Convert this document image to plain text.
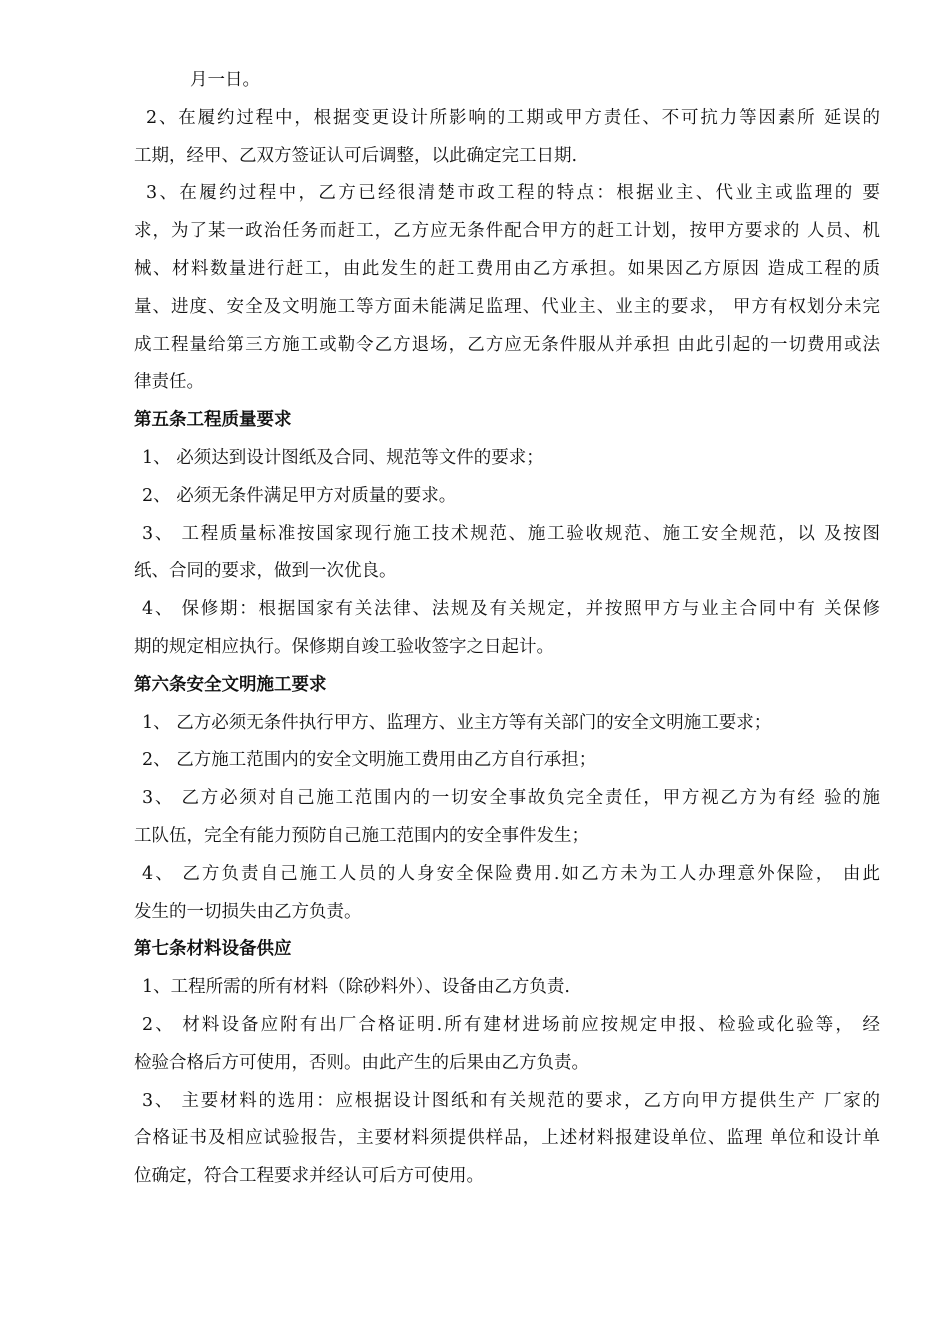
月一日。
2、在履约过程中，根据变更设计所影响的工期或甲方责任、不可抗力等因素所 延误的
工期，经甲、乙双方签证认可后调整，以此确定完工日期.
3、在履约过程中，乙方已经很清楚市政工程的特点：根据业主、代业主或监理的 要
求，为了某一政治任务而赶工，乙方应无条件配合甲方的赶工计划，按甲方要求的 人员、机
械、材料数量进行赶工，由此发生的赶工费用由乙方承担。如果因乙方原因 造成工程的质
量、进度、安全及文明施工等方面未能满足监理、代业主、业主的要求， 甲方有权划分未完
成工程量给第三方施工或勒令乙方退场，乙方应无条件服从并承担 由此引起的一切费用或法
律责任。
第五条工程质量要求
1、 必须达到设计图纸及合同、规范等文件的要求；
2、 必须无条件满足甲方对质量的要求。
3、 工程质量标准按国家现行施工技术规范、施工验收规范、施工安全规范，以 及按图
纸、合同的要求，做到一次优良。
4、 保修期：根据国家有关法律、法规及有关规定，并按照甲方与业主合同中有 关保修
期的规定相应执行。保修期自竣工验收签字之日起计。
第六条安全文明施工要求
1、 乙方必须无条件执行甲方、监理方、业主方等有关部门的安全文明施工要求；
2、 乙方施工范围内的安全文明施工费用由乙方自行承担；
3、 乙方必须对自己施工范围内的一切安全事故负完全责任，甲方视乙方为有经 验的施
工队伍，完全有能力预防自己施工范围内的安全事件发生；
4、 乙方负责自己施工人员的人身安全保险费用.如乙方未为工人办理意外保险， 由此
发生的一切损失由乙方负责。
第七条材料设备供应
1、工程所需的所有材料（除砂料外）、设备由乙方负责.
2、 材料设备应附有出厂合格证明.所有建材进场前应按规定申报、检验或化验等， 经
检验合格后方可使用，否则。由此产生的后果由乙方负责。
3、 主要材料的选用：应根据设计图纸和有关规范的要求，乙方向甲方提供生产 厂家的
合格证书及相应试验报告，主要材料须提供样品，上述材料报建设单位、监理 单位和设计单
位确定，符合工程要求并经认可后方可使用。
